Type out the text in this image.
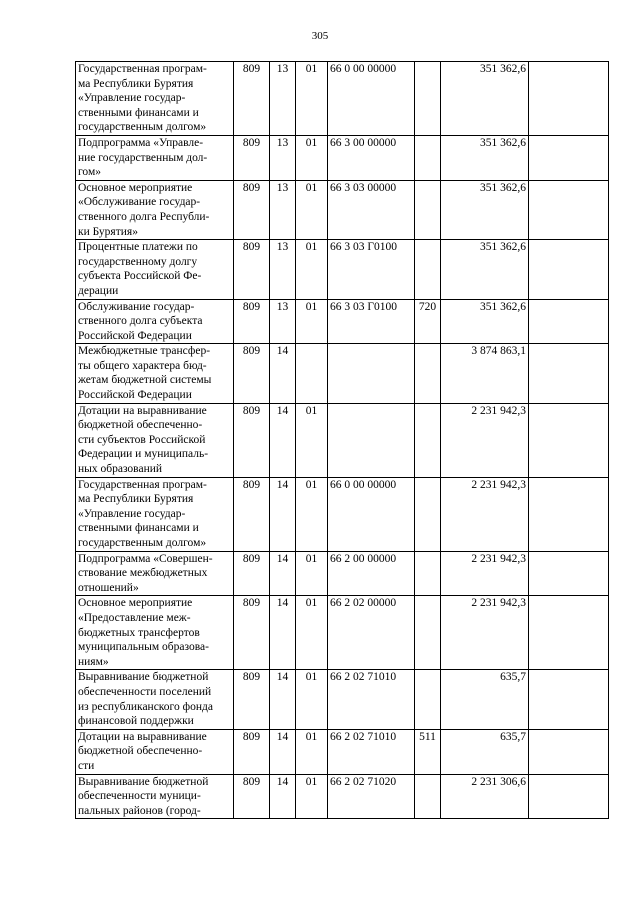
305
Государственная програм-
ма Республики Бурятия
«Управление государ-
ственными финансами и
государственным долгом»	809	13	01	66 0 00 00000		351 362,6	

Подпрограмма «Управле-
ние государственным дол-
гом»	809	13	01	66 3 00 00000		351 362,6	

Основное мероприятие
«Обслуживание государ-
ственного долга Республи-
ки Бурятия»	809	13	01	66 3 03 00000		351 362,6	

Процентные платежи по
государственному долгу
субъекта Российской Фе-
дерации	809	13	01	66 3 03 Г0100		351 362,6	

Обслуживание государ-
ственного долга субъекта
Российской Федерации	809	13	01	66 3 03 Г0100	720	351 362,6	

Межбюджетные трансфер-
ты общего характера бюд-
жетам бюджетной системы
Российской Федерации	809	14				3 874 863,1	

Дотации на выравнивание
бюджетной обеспеченно-
сти субъектов Российской
Федерации и муниципаль-
ных образований	809	14	01			2 231 942,3	

Государственная програм-
ма Республики Бурятия
«Управление государ-
ственными финансами и
государственным долгом»	809	14	01	66 0 00 00000		2 231 942,3	

Подпрограмма «Совершен-
ствование межбюджетных
отношений»	809	14	01	66 2 00 00000		2 231 942,3	

Основное мероприятие
«Предоставление меж-
бюджетных трансфертов
муниципальным образова-
ниям»	809	14	01	66 2 02 00000		2 231 942,3	

Выравнивание бюджетной
обеспеченности поселений
из республиканского фонда
финансовой поддержки	809	14	01	66 2 02 71010		635,7	

Дотации на выравнивание
бюджетной обеспеченно-
сти	809	14	01	66 2 02 71010	511	635,7	

Выравнивание бюджетной
обеспеченности муници-
пальных районов (город-	809	14	01	66 2 02 71020		2 231 306,6	
